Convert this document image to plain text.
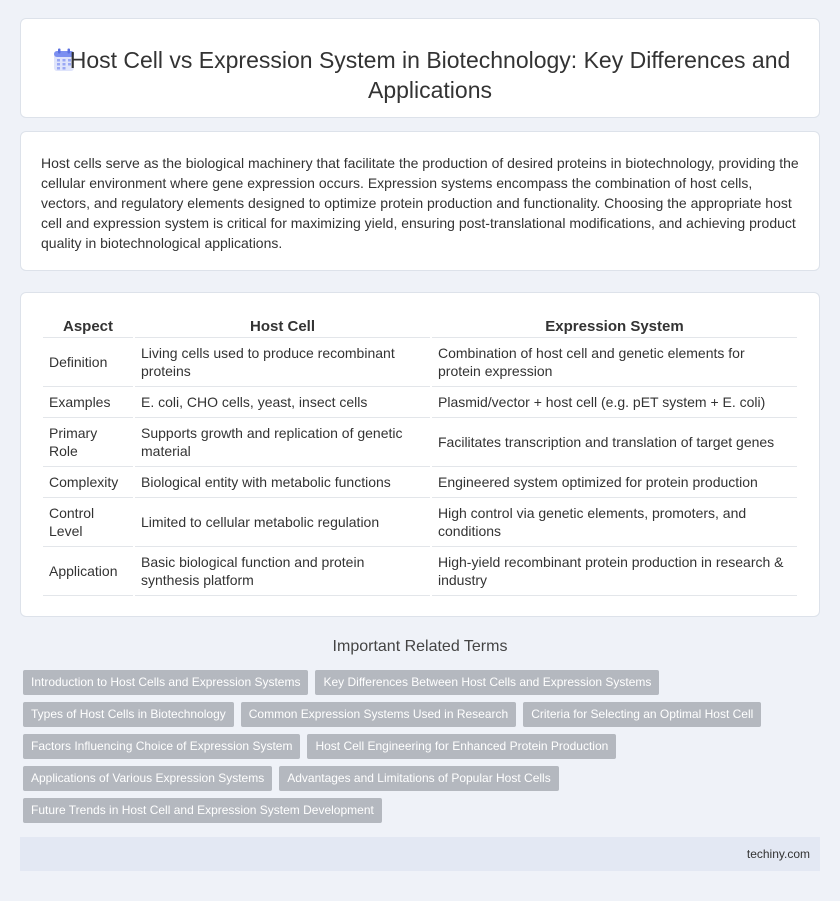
Host Cell vs Expression System in Biotechnology: Key Differences and Applications

Host cells serve as the biological machinery that facilitate the production of desired proteins in biotechnology, providing the cellular environment where gene expression occurs. Expression systems encompass the combination of host cells, vectors, and regulatory elements designed to optimize protein production and functionality. Choosing the appropriate host cell and expression system is critical for maximizing yield, ensuring post-translational modifications, and achieving product quality in biotechnological applications.

Aspect	Host Cell	Expression System
Definition	Living cells used to produce recombinant proteins	Combination of host cell and genetic elements for protein expression
Examples	E. coli, CHO cells, yeast, insect cells	Plasmid/vector + host cell (e.g. pET system + E. coli)
Primary Role	Supports growth and replication of genetic material	Facilitates transcription and translation of target genes
Complexity	Biological entity with metabolic functions	Engineered system optimized for protein production
Control Level	Limited to cellular metabolic regulation	High control via genetic elements, promoters, and conditions
Application	Basic biological function and protein synthesis platform	High-yield recombinant protein production in research & industry
Important Related Terms
Introduction to Host Cells and Expression Systems	Key Differences Between Host Cells and Expression Systems
Types of Host Cells in Biotechnology	Common Expression Systems Used in Research	Criteria for Selecting an Optimal Host Cell
Factors Influencing Choice of Expression System	Host Cell Engineering for Enhanced Protein Production
Applications of Various Expression Systems	Advantages and Limitations of Popular Host Cells
Future Trends in Host Cell and Expression System Development
techiny.com
